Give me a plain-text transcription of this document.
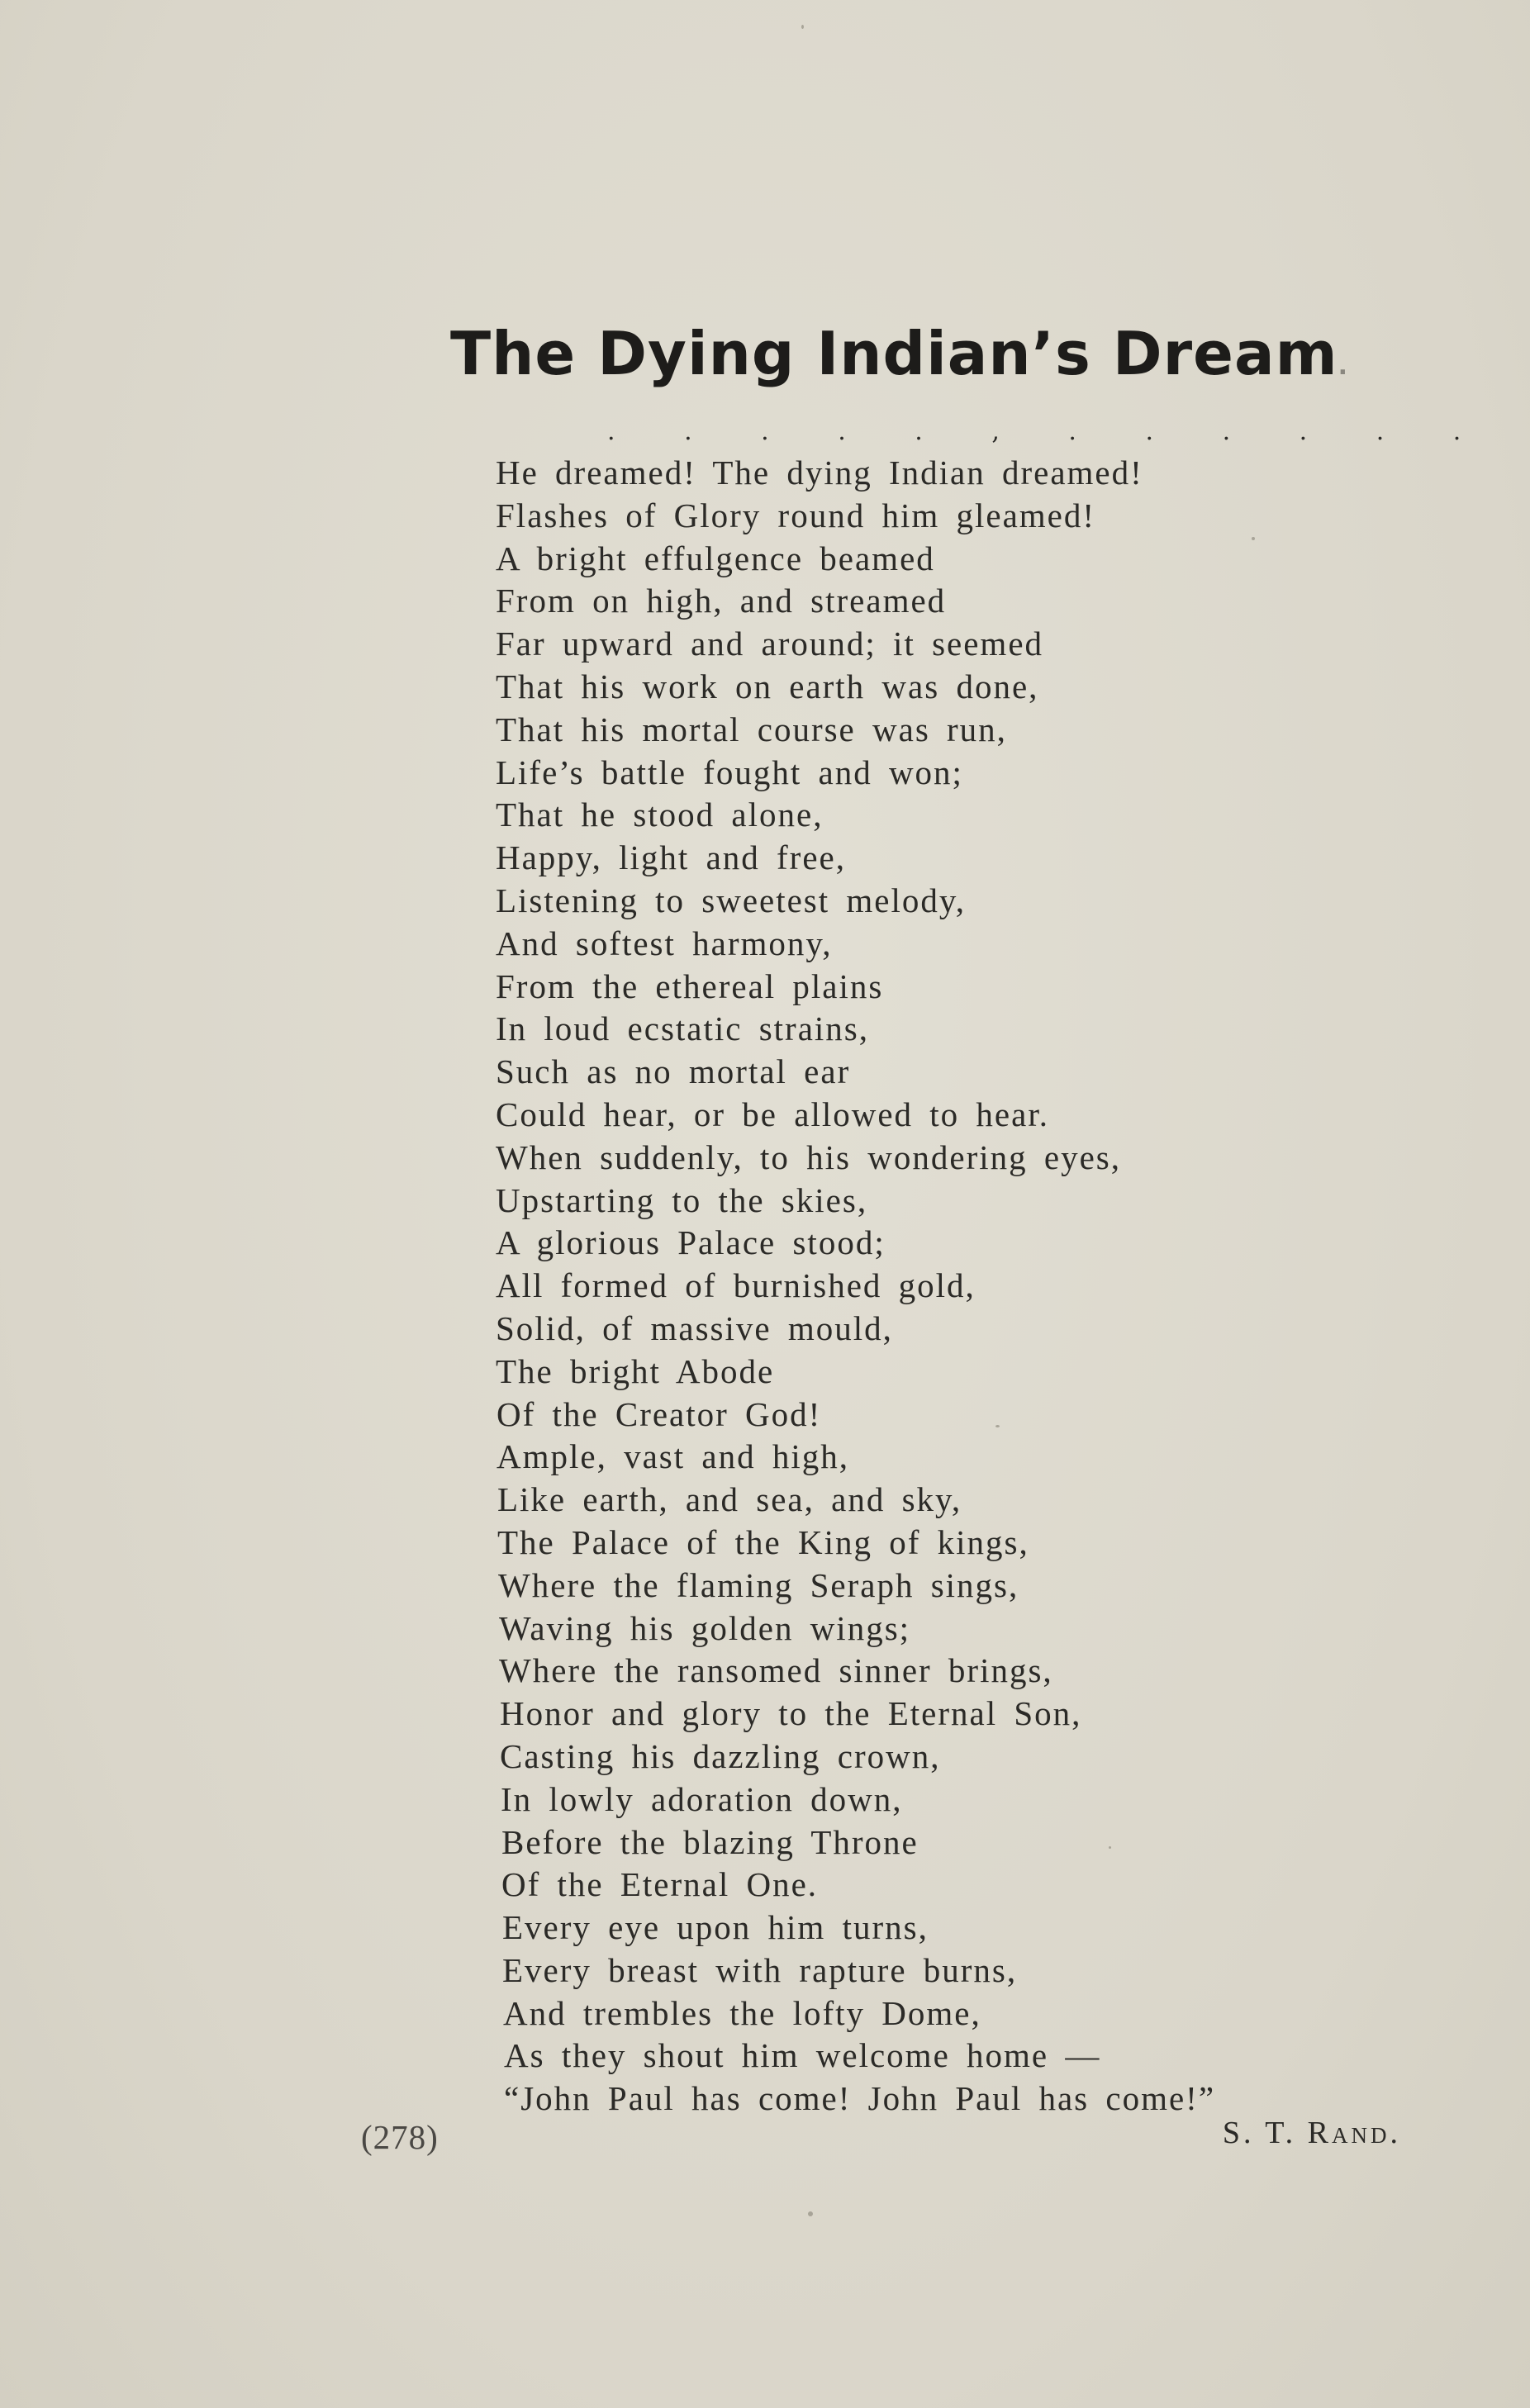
The Dying Indian’s Dream.
. . . . . , . . . . . .
He dreamed! The dying Indian dreamed!
Flashes of Glory round him gleamed!
A bright effulgence beamed
From on high, and streamed
Far upward and around; it seemed
That his work on earth was done,
That his mortal course was run,
Life’s battle fought and won;
That he stood alone,
Happy, light and free,
Listening to sweetest melody,
And softest harmony,
From the ethereal plains
In loud ecstatic strains,
Such as no mortal ear
Could hear, or be allowed to hear.
When suddenly, to his wondering eyes,
Upstarting to the skies,
A glorious Palace stood;
All formed of burnished gold,
Solid, of massive mould,
The bright Abode
Of the Creator God!
Ample, vast and high,
Like earth, and sea, and sky,
The Palace of the King of kings,
Where the flaming Seraph sings,
Waving his golden wings;
Where the ransomed sinner brings,
Honor and glory to the Eternal Son,
Casting his dazzling crown,
In lowly adoration down,
Before the blazing Throne
Of the Eternal One.
Every eye upon him turns,
Every breast with rapture burns,
And trembles the lofty Dome,
As they shout him welcome home —
“John Paul has come! John Paul has come!”
(278)	S. T. Rand.
